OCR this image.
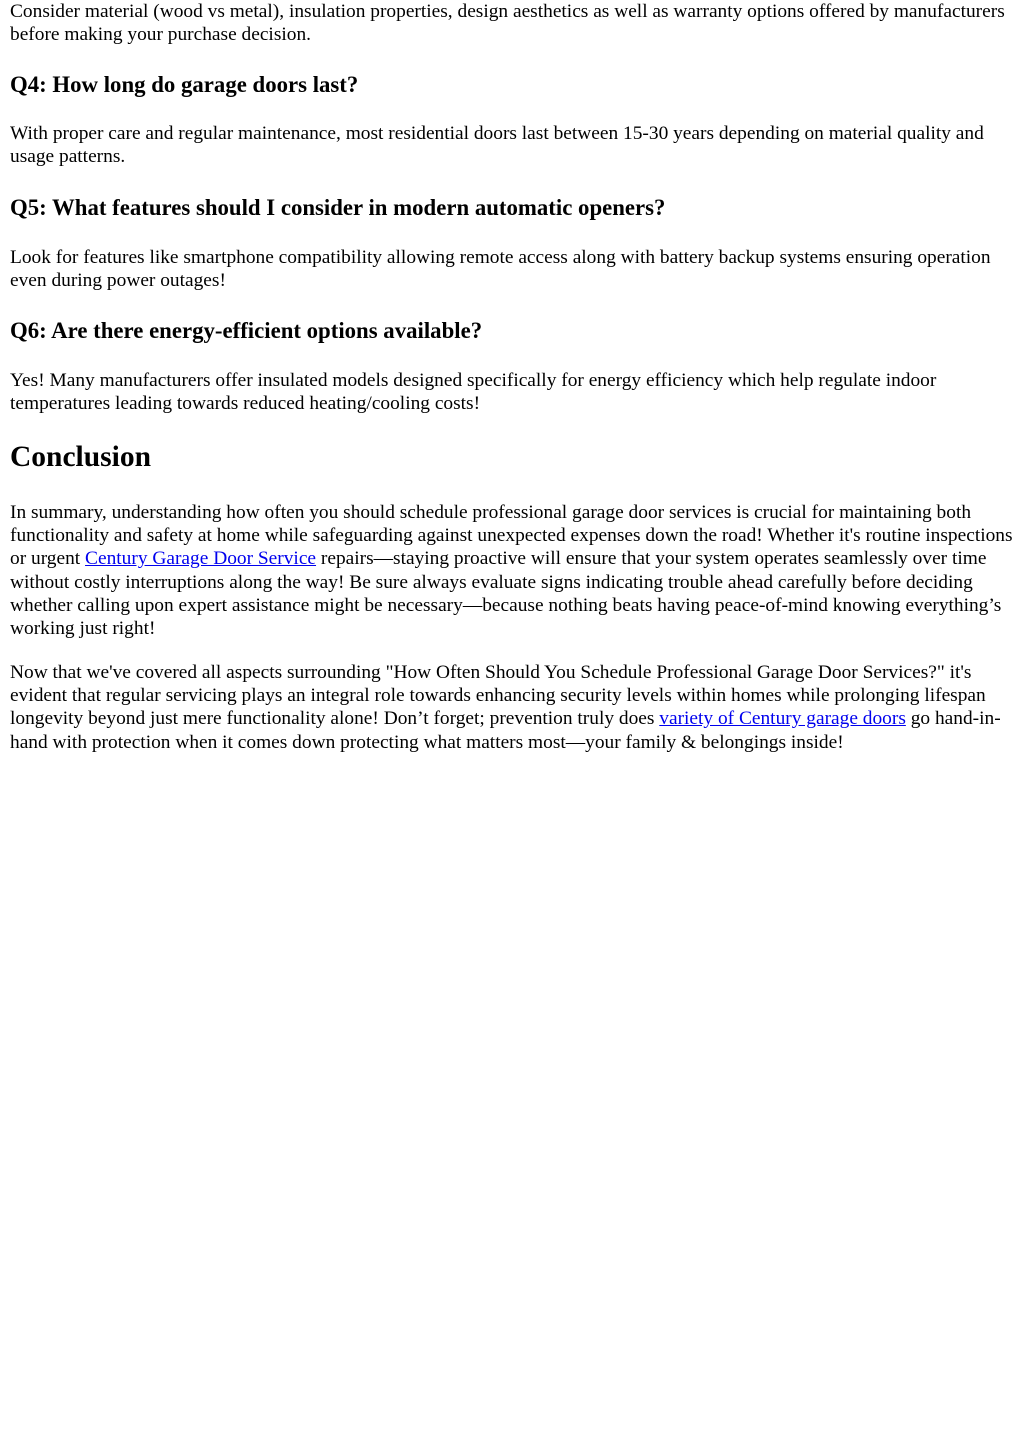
Consider material (wood vs metal), insulation properties, design aesthetics as well as warranty options offered by manufacturers before making your purchase decision.

Q4: How long do garage doors last?

With proper care and regular maintenance, most residential doors last between 15-30 years depending on material quality and usage patterns.

Q5: What features should I consider in modern automatic openers?

Look for features like smartphone compatibility allowing remote access along with battery backup systems ensuring operation even during power outages!

Q6: Are there energy-efficient options available?

Yes! Many manufacturers offer insulated models designed specifically for energy efficiency which help regulate indoor temperatures leading towards reduced heating/cooling costs!

Conclusion

In summary, understanding how often you should schedule professional garage door services is crucial for maintaining both functionality and safety at home while safeguarding against unexpected expenses down the road! Whether it's routine inspections or urgent Century Garage Door Service repairs—staying proactive will ensure that your system operates seamlessly over time without costly interruptions along the way! Be sure always evaluate signs indicating trouble ahead carefully before deciding whether calling upon expert assistance might be necessary—because nothing beats having peace-of-mind knowing everything’s working just right!

Now that we've covered all aspects surrounding "How Often Should You Schedule Professional Garage Door Services?" it's evident that regular servicing plays an integral role towards enhancing security levels within homes while prolonging lifespan longevity beyond just mere functionality alone! Don’t forget; prevention truly does variety of Century garage doors go hand-in-hand with protection when it comes down protecting what matters most—your family & belongings inside!
